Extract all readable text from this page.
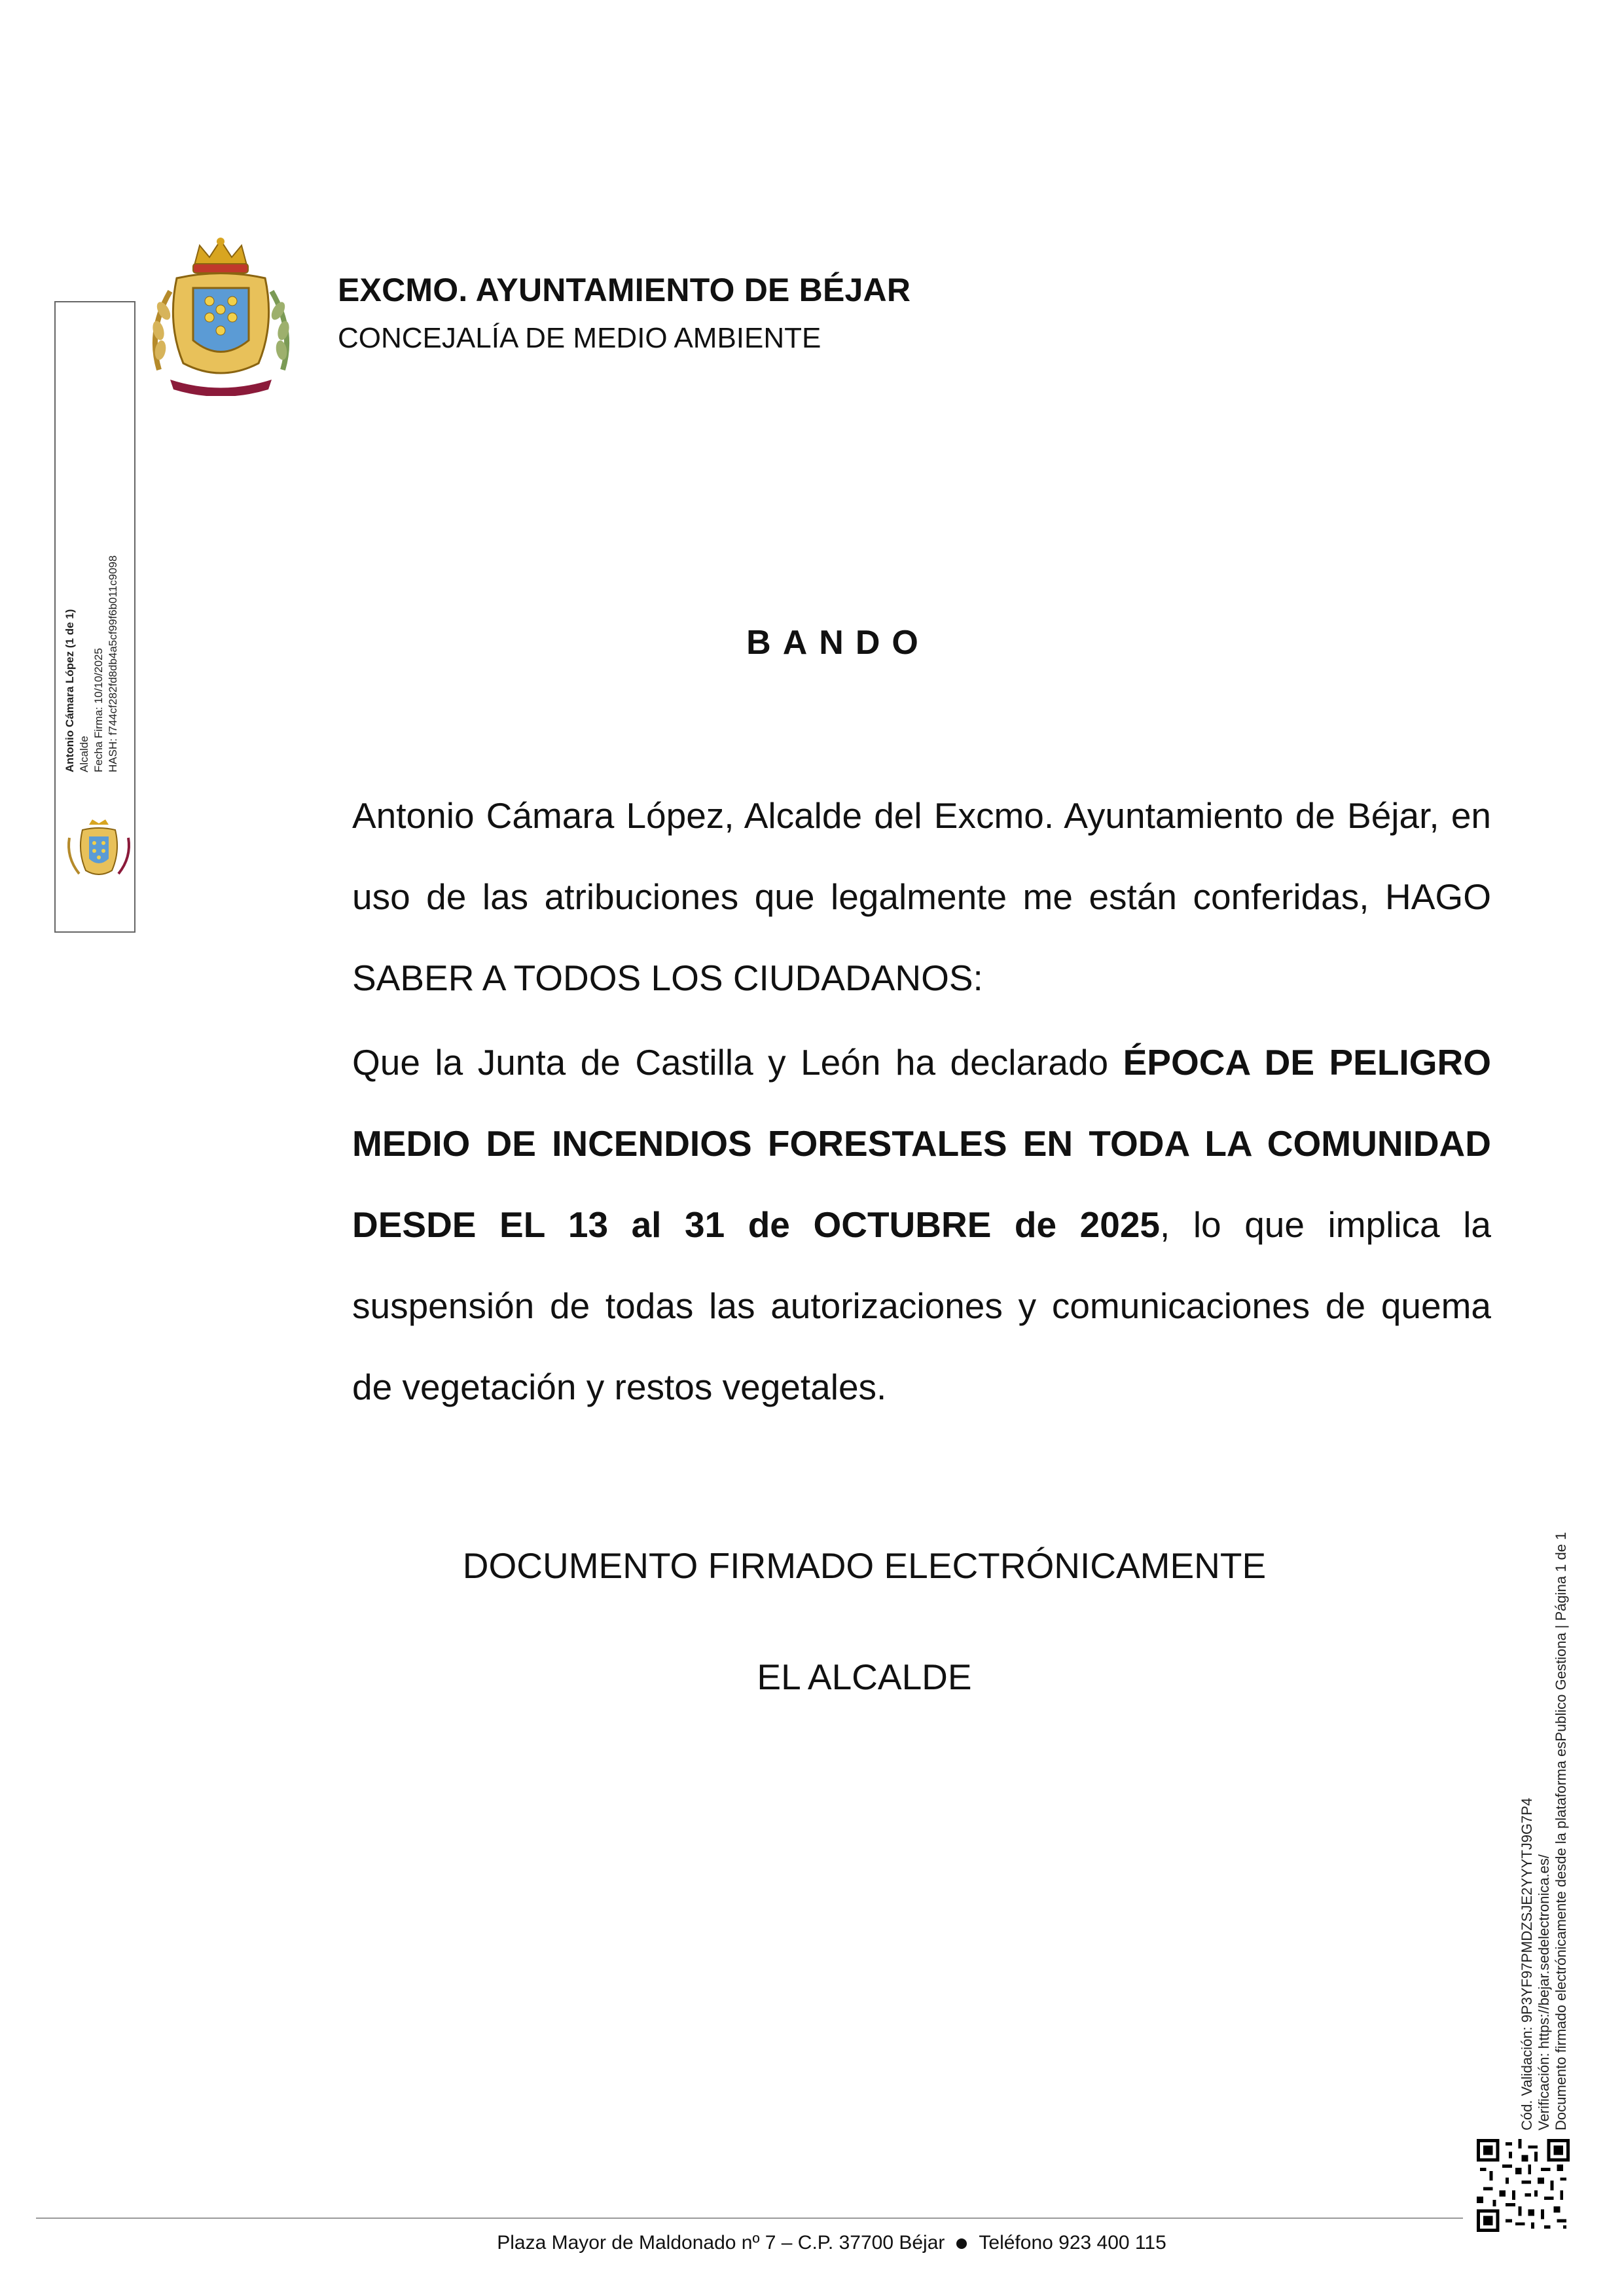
EXCMO. AYUNTAMIENTO DE BÉJAR
CONCEJALÍA DE MEDIO AMBIENTE
Antonio Cámara López (1 de 1) Alcalde Fecha Firma: 10/10/2025 HASH: f744cf282fd8db4a5cf99f6b011c9098	BANDO

Antonio Cámara López, Alcalde del Excmo. Ayuntamiento de Béjar, en uso de las atribuciones que legalmente me están conferidas, HAGO SABER A TODOS LOS CIUDADANOS:

Que la Junta de Castilla y León ha declarado ÉPOCA DE PELIGRO MEDIO DE INCENDIOS FORESTALES EN TODA LA COMUNIDAD DESDE EL 13 al 31 de OCTUBRE de 2025, lo que implica la suspensión de todas las autorizaciones y comunicaciones de quema de vegetación y restos vegetales.

DOCUMENTO FIRMADO ELECTRÓNICAMENTE
EL ALCALDE
Cód. Validación: 9P3YF97PMDZSJE2YYYTJ9G7P4 Verificación: https://bejar.sedelectronica.es/ Documento firmado electrónicamente desde la plataforma esPublico Gestiona | Página 1 de 1
Plaza Mayor de Maldonado nº 7 – C.P. 37700 Béjar Teléfono 923 400 115
